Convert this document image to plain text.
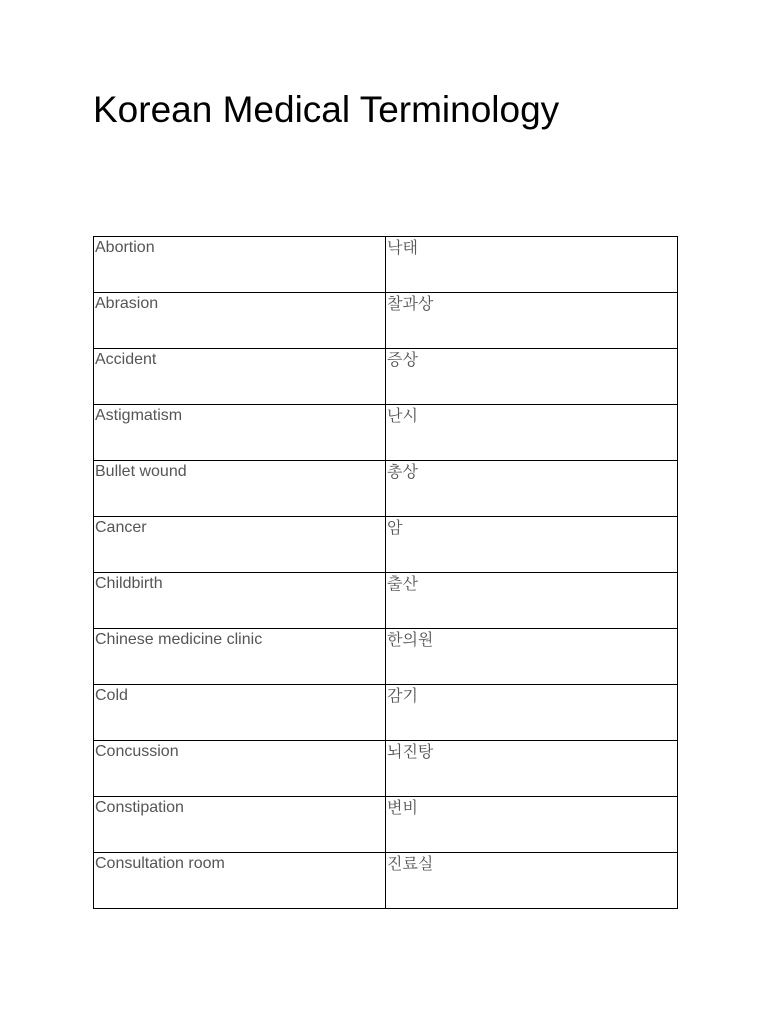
Korean Medical Terminology
Abortion	낙태
Abrasion	찰과상
Accident	증상
Astigmatism	난시
Bullet wound	총상
Cancer	암
Childbirth	출산
Chinese medicine clinic	한의원
Cold	감기
Concussion	뇌진탕
Constipation	변비
Consultation room	진료실
